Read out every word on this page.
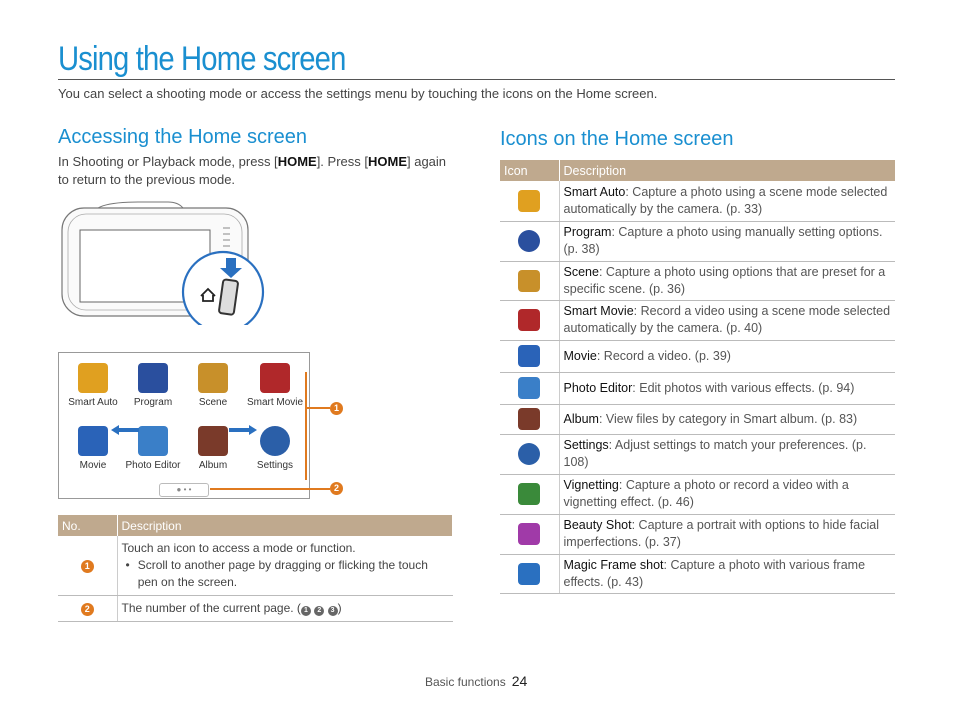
Using the Home screen
You can select a shooting mode or access the settings menu by touching the icons on the Home screen.
Accessing the Home screen
In Shooting or Playback mode, press [HOME]. Press [HOME] again to return to the previous mode.
Smart Auto	Program	Scene	Smart Movie
Movie	Photo Editor	Album	Settings
● • •
1
2
No.	Description
1	Touch an icon to access a mode or function.
• Scroll to another page by dragging or flicking the touch pen on the screen.

2	The number of the current page. ( 1 2 3 )
Icons on the Home screen
Icon	Description
	Smart Auto: Capture a photo using a scene mode selected automatically by the camera. (p. 33)
	Program: Capture a photo using manually setting options. (p. 38)
	Scene: Capture a photo using options that are preset for a specific scene. (p. 36)
	Smart Movie: Record a video using a scene mode selected automatically by the camera. (p. 40)
	Movie: Record a video. (p. 39)
	Photo Editor: Edit photos with various effects. (p. 94)
	Album: View files by category in Smart album. (p. 83)
	Settings: Adjust settings to match your preferences. (p. 108)
	Vignetting: Capture a photo or record a video with a vignetting effect. (p. 46)
	Beauty Shot: Capture a portrait with options to hide facial imperfections. (p. 37)
	Magic Frame shot: Capture a photo with various frame effects. (p. 43)
Basic functions 24
